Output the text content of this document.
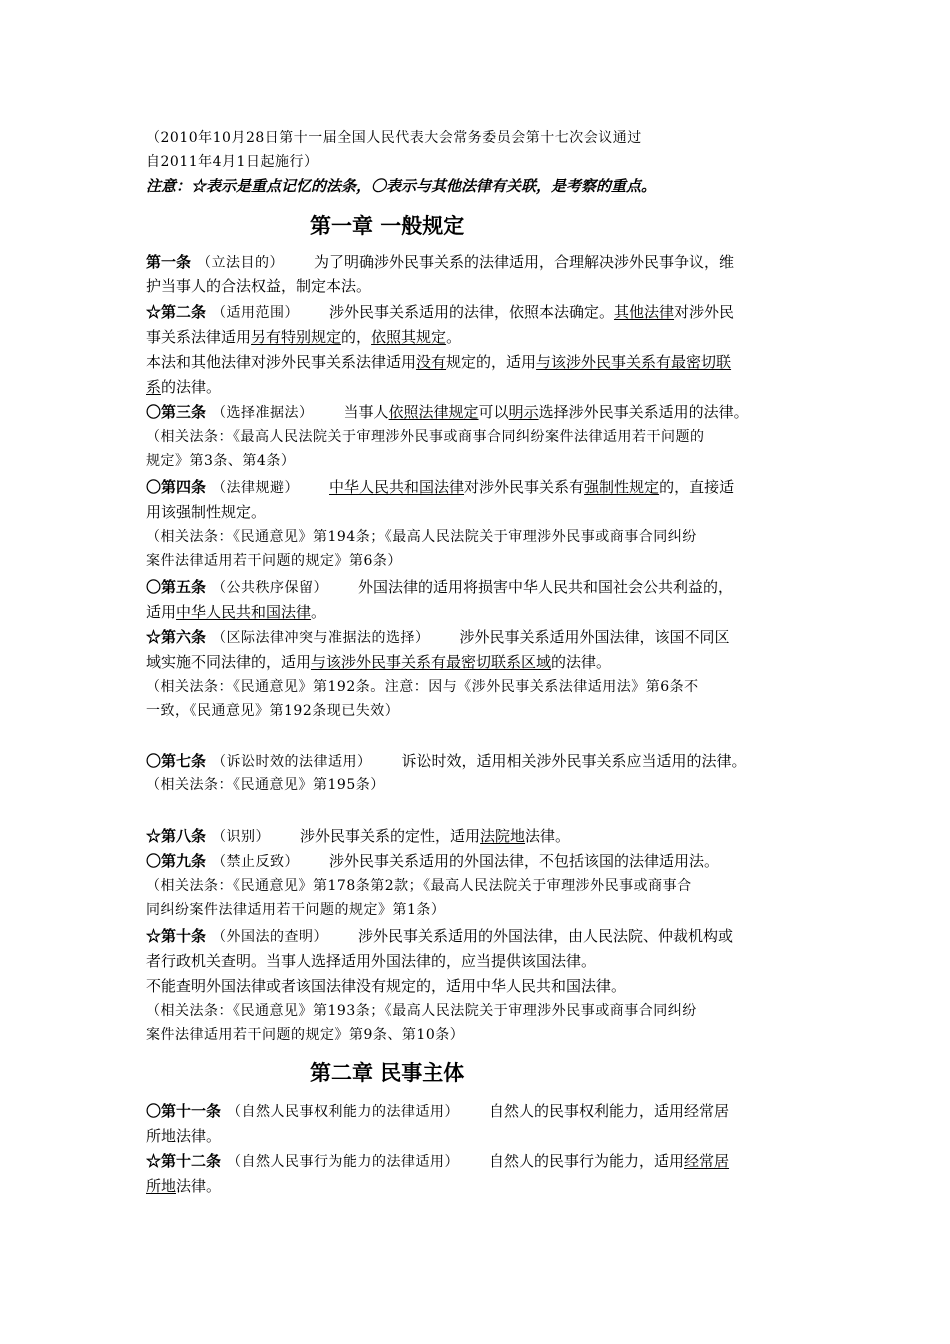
（2010年10月28日第十一届全国人民代表大会常务委员会第十七次会议通过
自2011年4月1日起施行）
注意：☆表示是重点记忆的法条，〇表示与其他法律有关联，是考察的重点。
第一章 一般规定
第一条 （立法目的） 为了明确涉外民事关系的法律适用，合理解决涉外民事争议，维
护当事人的合法权益，制定本法。
☆第二条 （适用范围） 涉外民事关系适用的法律，依照本法确定。其他法律对涉外民
事关系法律适用另有特别规定的，依照其规定。
本法和其他法律对涉外民事关系法律适用没有规定的，适用与该涉外民事关系有最密切联
系的法律。
〇第三条 （选择准据法） 当事人依照法律规定可以明示选择涉外民事关系适用的法律。
（相关法条：《最高人民法院关于审理涉外民事或商事合同纠纷案件法律适用若干问题的
规定》第3条、第4条）
〇第四条 （法律规避） 中华人民共和国法律对涉外民事关系有强制性规定的，直接适
用该强制性规定。
（相关法条：《民通意见》第194条；《最高人民法院关于审理涉外民事或商事合同纠纷
案件法律适用若干问题的规定》第6条）
〇第五条 （公共秩序保留） 外国法律的适用将损害中华人民共和国社会公共利益的，
适用中华人民共和国法律。
☆第六条 （区际法律冲突与准据法的选择） 涉外民事关系适用外国法律，该国不同区
域实施不同法律的，适用与该涉外民事关系有最密切联系区域的法律。
（相关法条：《民通意见》第192条。注意：因与《涉外民事关系法律适用法》第6条不
一致，《民通意见》第192条现已失效）
〇第七条 （诉讼时效的法律适用） 诉讼时效，适用相关涉外民事关系应当适用的法律。
（相关法条：《民通意见》第195条）
☆第八条 （识别） 涉外民事关系的定性，适用法院地法律。
〇第九条 （禁止反致） 涉外民事关系适用的外国法律，不包括该国的法律适用法。
（相关法条：《民通意见》第178条第2款；《最高人民法院关于审理涉外民事或商事合
同纠纷案件法律适用若干问题的规定》第1条）
☆第十条 （外国法的查明） 涉外民事关系适用的外国法律，由人民法院、仲裁机构或
者行政机关查明。当事人选择适用外国法律的，应当提供该国法律。
不能查明外国法律或者该国法律没有规定的，适用中华人民共和国法律。
（相关法条：《民通意见》第193条；《最高人民法院关于审理涉外民事或商事合同纠纷
案件法律适用若干问题的规定》第9条、第10条）
第二章 民事主体
〇第十一条 （自然人民事权利能力的法律适用） 自然人的民事权利能力，适用经常居
所地法律。
☆第十二条 （自然人民事行为能力的法律适用） 自然人的民事行为能力，适用经常居
所地法律。
